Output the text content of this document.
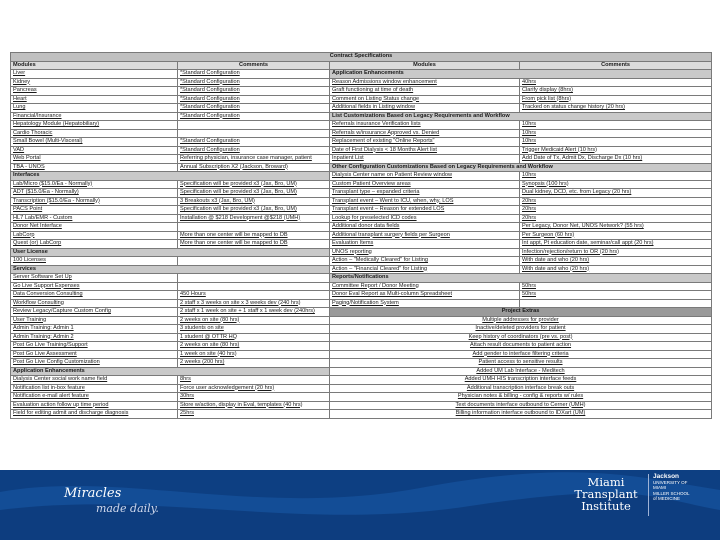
Contract Specifications			
Modules	Comments	Modules	Comments
Liver	*Standard Configuration	Application Enhancements	
Kidney	*Standard Configuration	Reason Admissions window enhancement	40hrs
Pancreas	*Standard Configuration	Graft functioning at time of death	Clarify display (8hrs)
Heart	*Standard Configuration	Comment on Listing Status change	From pick list (8hrs)
Lung	*Standard Configuration	Additional fields in Listing window	Tracked on status change history (20 hrs)
Financial/Insurance	*Standard Configuration	List Customizations Based on Legacy Requirements and Workflow	
Hepatology Module (Hepatobiliary)		Referrals insurance Verification lists	10hrs
Cardio Thoracic		Referrals w/insurance Approved vs. Denied	10hrs
Small Bowel (Multi-Visceral)	*Standard Configuration	Replacement of existing "Online Reports"	10hrs
VAD	*Standard Configuration	Date of First Dialysis < 18 Months Alert list	Trigger Medicaid Alert (10 hrs)
Web Portal	Referring physician, insurance case manager, patient	Inpatient List	Add Date of Tx, Admit Dx, Discharge Dx (10 hrs)
TBA - UNOS	Annual Subscription X2 (Jackson, Broward)	Other Configuration Customizations Based on Legacy Requirements and Workflow	
Interfaces		Dialysis Center name on Patient Review window	10hrs
Lab/Micro ($15.0/Ea - Normally)	Specification will be provided x3 (Jax, Bro, UM)	Custom Patient Overview areas	Synopsis (100 hrs)
ADT ($15.0/Ea - Normally)	Specification will be provided x3 (Jax, Bro, UM)	Transplant type – expanded criteria	Dual kidney, DCD, etc. from Legacy (20 hrs)
Transcription ($15.0/Ea - Normally)	3 Breakouts x3 (Jax, Bro, UM)	Transplant event – Went to ICU, when, why, LOS	20hrs
PACS Point	Specification will be provided x3 (Jax, Bro, UM)	Transplant event – Reason for extended LOS	20hrs
HL7 Lab/EMR - Custom	Installation @ $218 Development @$218 (UMH)	Lookup for preselected ICD codes	20hrs
Donor Net Interface		Additional donor data fields	Per Legacy, Donor Net, UNOS Network? (55 hrs)
LabCorp	More than one center will be mapped to DB	Additional transplant surgery fields per Surgeon	Per Surgeon (60 hrs)
Quest (or) LabCorp	More than one center will be mapped to DB	Evaluation Items	Int appt, Pt education date, seminar/call appt (20 hrs)
User License		UNOS reporting	Infection/rejection/return to OR (20 hrs)
100 Licenses		Action – "Medically Cleared" for Listing	With date and who (20 hrs)
Services		Action – "Financial Cleared" for Listing	With date and who (20 hrs)
Server Software Set Up		Reports/Notifications	
Go Live Support Expenses		Committee Report / Donor Meeting	50hrs
Data Conversion Consulting	450 Hours	Donor Eval Report as Multi-column Spreadsheet	50hrs
Workflow Consulting	2 staff x 3 weeks on site x 3 weeks dev (240 hrs)	Paging/Notification System	
Review Legacy/Capture Custom Config	2 staff x 1 week on site + 1 staff x 1 week dev (240hrs)	Project Extras	
User Training	2 weeks on site (80 hrs)	Multiple addresses for provider	
Admin Training: Admin 1	3 students on site	Inactive/deleted providers for patient	
Admin Training: Admin 2	1 student @ OTTR HQ	Keep history of coordinators (pre vs. post)	
Post Go Live Training/Support	2 weeks on site (80 hrs)	Attach result documents to patient action	
Post Go Live Assessment	1 week on site (40 hrs)	Add gender to interface filtering criteria	
Post Go Live Config Customization	2 weeks (200 hrs)	Patient access to sensitive results	
Application Enhancements		Added UM Lab Interface - Meditech	
Dialysis Center social work name field	8hrs	Added UMH HIS transcription interface feeds	
Notification list in-box feature	Force user acknowledgement (20 hrs)	Additional transcription interface break outs	
Notification e-mail alert feature	30hrs	Physician notes & billing - config & reports w/ rules	
Evaluation action follow up time period	Store w/action, display in Eval, templates (40 hrs)	Text documents interface outbound to Cerner (UMH)	
Field for editing admit and discharge diagnosis	25hrs	Billing information interface outbound to IDXart (UM)	
Miracles
made daily.
Miami
Transplant
Institute
Jackson
UNIVERSITY OF
MIAMI
MILLER SCHOOL
of MEDICINE
